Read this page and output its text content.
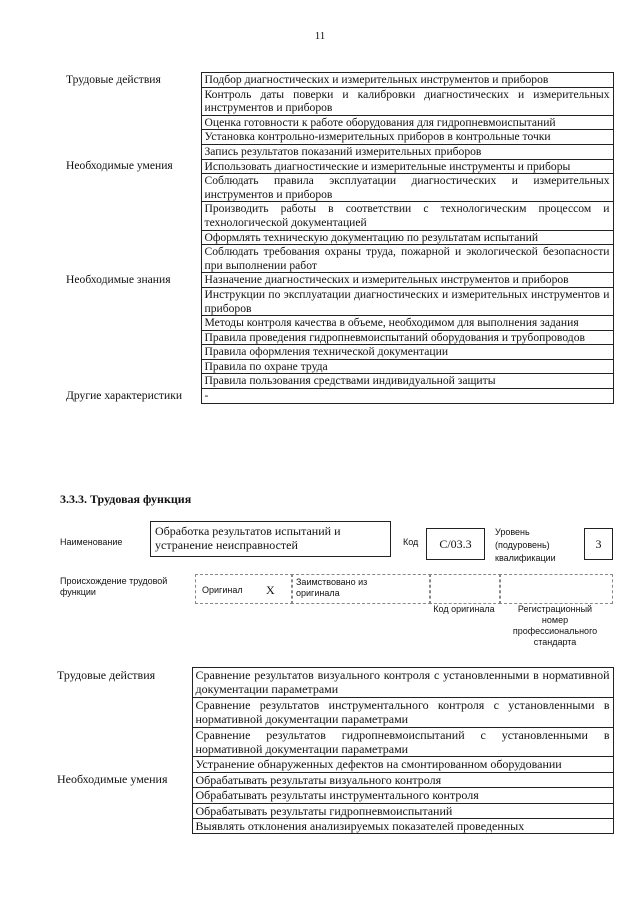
11
Трудовые действия	Подбор диагностических и измерительных инструментов и приборов
	Контроль даты поверки и калибровки диагностических и измерительных инструментов и приборов
	Оценка готовности к работе оборудования для гидропневмоиспытаний
	Установка контрольно-измерительных приборов в контрольные точки
	Запись результатов показаний измерительных приборов
Необходимые умения	Использовать диагностические и измерительные инструменты и приборы
	Соблюдать правила эксплуатации диагностических и измерительных инструментов и приборов
	Производить работы в соответствии с технологическим процессом и технологической документацией
	Оформлять техническую документацию по результатам испытаний
	Соблюдать требования охраны труда, пожарной и экологической безопасности при выполнении работ
Необходимые знания	Назначение диагностических и измерительных инструментов и приборов
	Инструкции по эксплуатации диагностических и измерительных инструментов и приборов
	Методы контроля качества в объеме, необходимом для выполнения задания
	Правила проведения гидропневмоиспытаний оборудования и трубопроводов
	Правила оформления технической документации
	Правила по охране труда
	Правила пользования средствами индивидуальной защиты
Другие характеристики	-
3.3.3. Трудовая функция
Наименование
Обработка результатов испытаний и устранение неисправностей	Код	C/03.3
Уровень (подуровень) квалификации
3
Происхождение трудовой функции	Оригинал X
Заимствовано из оригинала
Код оригинала	Регистрационный
номер
профессионального
стандарта
Трудовые действия	Сравнение результатов визуального контроля с установленными в нормативной документации параметрами
	Сравнение результатов инструментального контроля с установленными в нормативной документации параметрами
	Сравнение результатов гидропневмоиспытаний с установленными в нормативной документации параметрами
	Устранение обнаруженных дефектов на смонтированном оборудовании
Необходимые умения	Обрабатывать результаты визуального контроля
	Обрабатывать результаты инструментального контроля
	Обрабатывать результаты гидропневмоиспытаний
	Выявлять отклонения анализируемых показателей проведенных
